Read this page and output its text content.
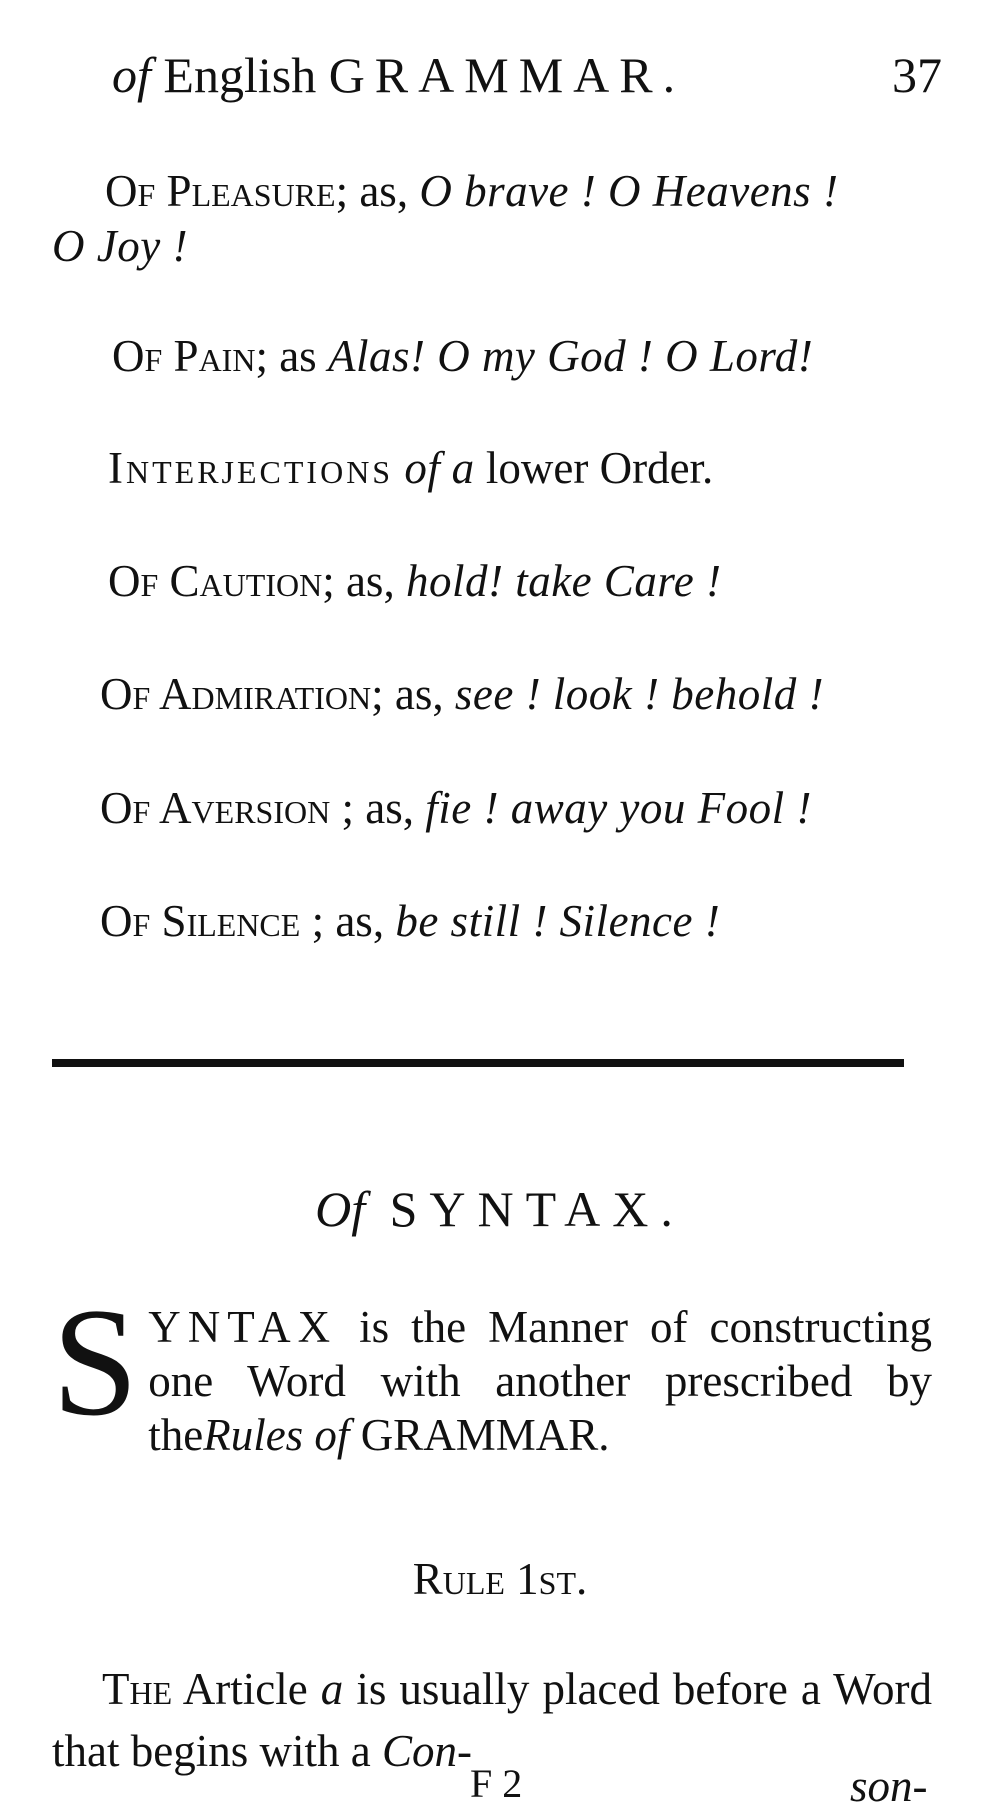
of English GRAMMAR.	37
Of Pleasure; as, O brave ! O Heavens !
O Joy !
Of Pain; as Alas! O my God ! O Lord!
Interjections of a lower Order.
Of Caution; as, hold! take Care !
Of Admiration; as, see ! look ! behold !
Of Aversion ; as, fie ! away you Fool !
Of Silence ; as, be still ! Silence !
Of SYNTAX.
SYNTAX is the Manner of constructing one Word with another prescribed by theRules of GRAMMAR.
Rule 1st.
The Article a is usually placed before a Word that begins with a Con-
F 2	son-
